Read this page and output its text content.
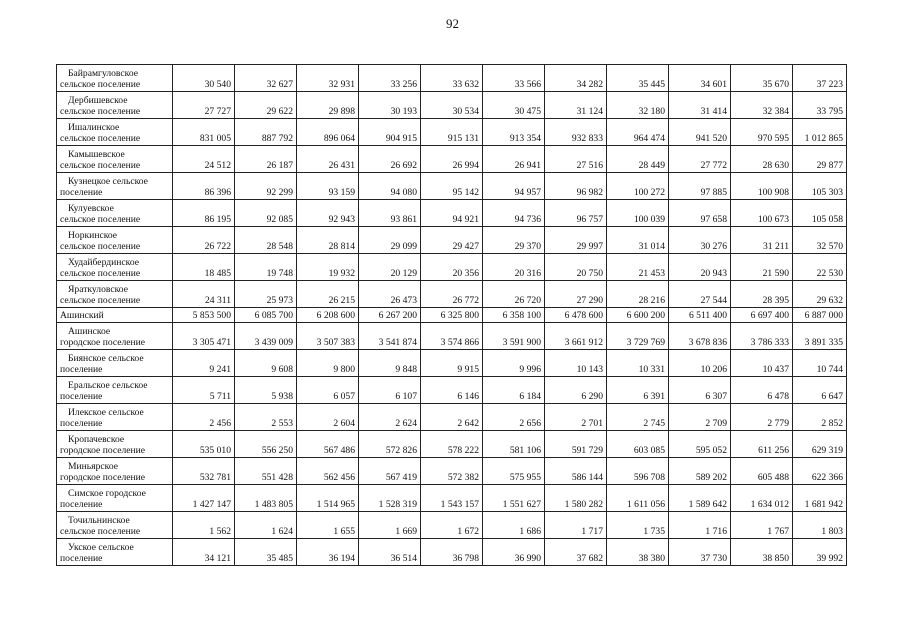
92
Байрамгуловское
сельское поселение	30 540	32 627	32 931	33 256	33 632	33 566	34 282	35 445	34 601	35 670	37 223

Дербишевское
сельское поселение	27 727	29 622	29 898	30 193	30 534	30 475	31 124	32 180	31 414	32 384	33 795

Ишалинское
сельское поселение	831 005	887 792	896 064	904 915	915 131	913 354	932 833	964 474	941 520	970 595	1 012 865

Камышевское
сельское поселение	24 512	26 187	26 431	26 692	26 994	26 941	27 516	28 449	27 772	28 630	29 877

Кузнецкое сельское
поселение	86 396	92 299	93 159	94 080	95 142	94 957	96 982	100 272	97 885	100 908	105 303

Кулуевское
сельское поселение	86 195	92 085	92 943	93 861	94 921	94 736	96 757	100 039	97 658	100 673	105 058

Норкинское
сельское поселение	26 722	28 548	28 814	29 099	29 427	29 370	29 997	31 014	30 276	31 211	32 570

Худайбердинское
сельское поселение	18 485	19 748	19 932	20 129	20 356	20 316	20 750	21 453	20 943	21 590	22 530

Яраткуловское
сельское поселение	24 311	25 973	26 215	26 473	26 772	26 720	27 290	28 216	27 544	28 395	29 632

Ашинский	5 853 500	6 085 700	6 208 600	6 267 200	6 325 800	6 358 100	6 478 600	6 600 200	6 511 400	6 697 400	6 887 000

Ашинское
городское поселение	3 305 471	3 439 009	3 507 383	3 541 874	3 574 866	3 591 900	3 661 912	3 729 769	3 678 836	3 786 333	3 891 335

Биянское сельское
поселение	9 241	9 608	9 800	9 848	9 915	9 996	10 143	10 331	10 206	10 437	10 744

Еральское сельское
поселение	5 711	5 938	6 057	6 107	6 146	6 184	6 290	6 391	6 307	6 478	6 647

Илекское сельское
поселение	2 456	2 553	2 604	2 624	2 642	2 656	2 701	2 745	2 709	2 779	2 852

Кропачевское
городское поселение	535 010	556 250	567 486	572 826	578 222	581 106	591 729	603 085	595 052	611 256	629 319

Миньярское
городское поселение	532 781	551 428	562 456	567 419	572 382	575 955	586 144	596 708	589 202	605 488	622 366

Симское городское
поселение	1 427 147	1 483 805	1 514 965	1 528 319	1 543 157	1 551 627	1 580 282	1 611 056	1 589 642	1 634 012	1 681 942

Точильнинское
сельское поселение	1 562	1 624	1 655	1 669	1 672	1 686	1 717	1 735	1 716	1 767	1 803

Укское сельское
поселение	34 121	35 485	36 194	36 514	36 798	36 990	37 682	38 380	37 730	38 850	39 992
